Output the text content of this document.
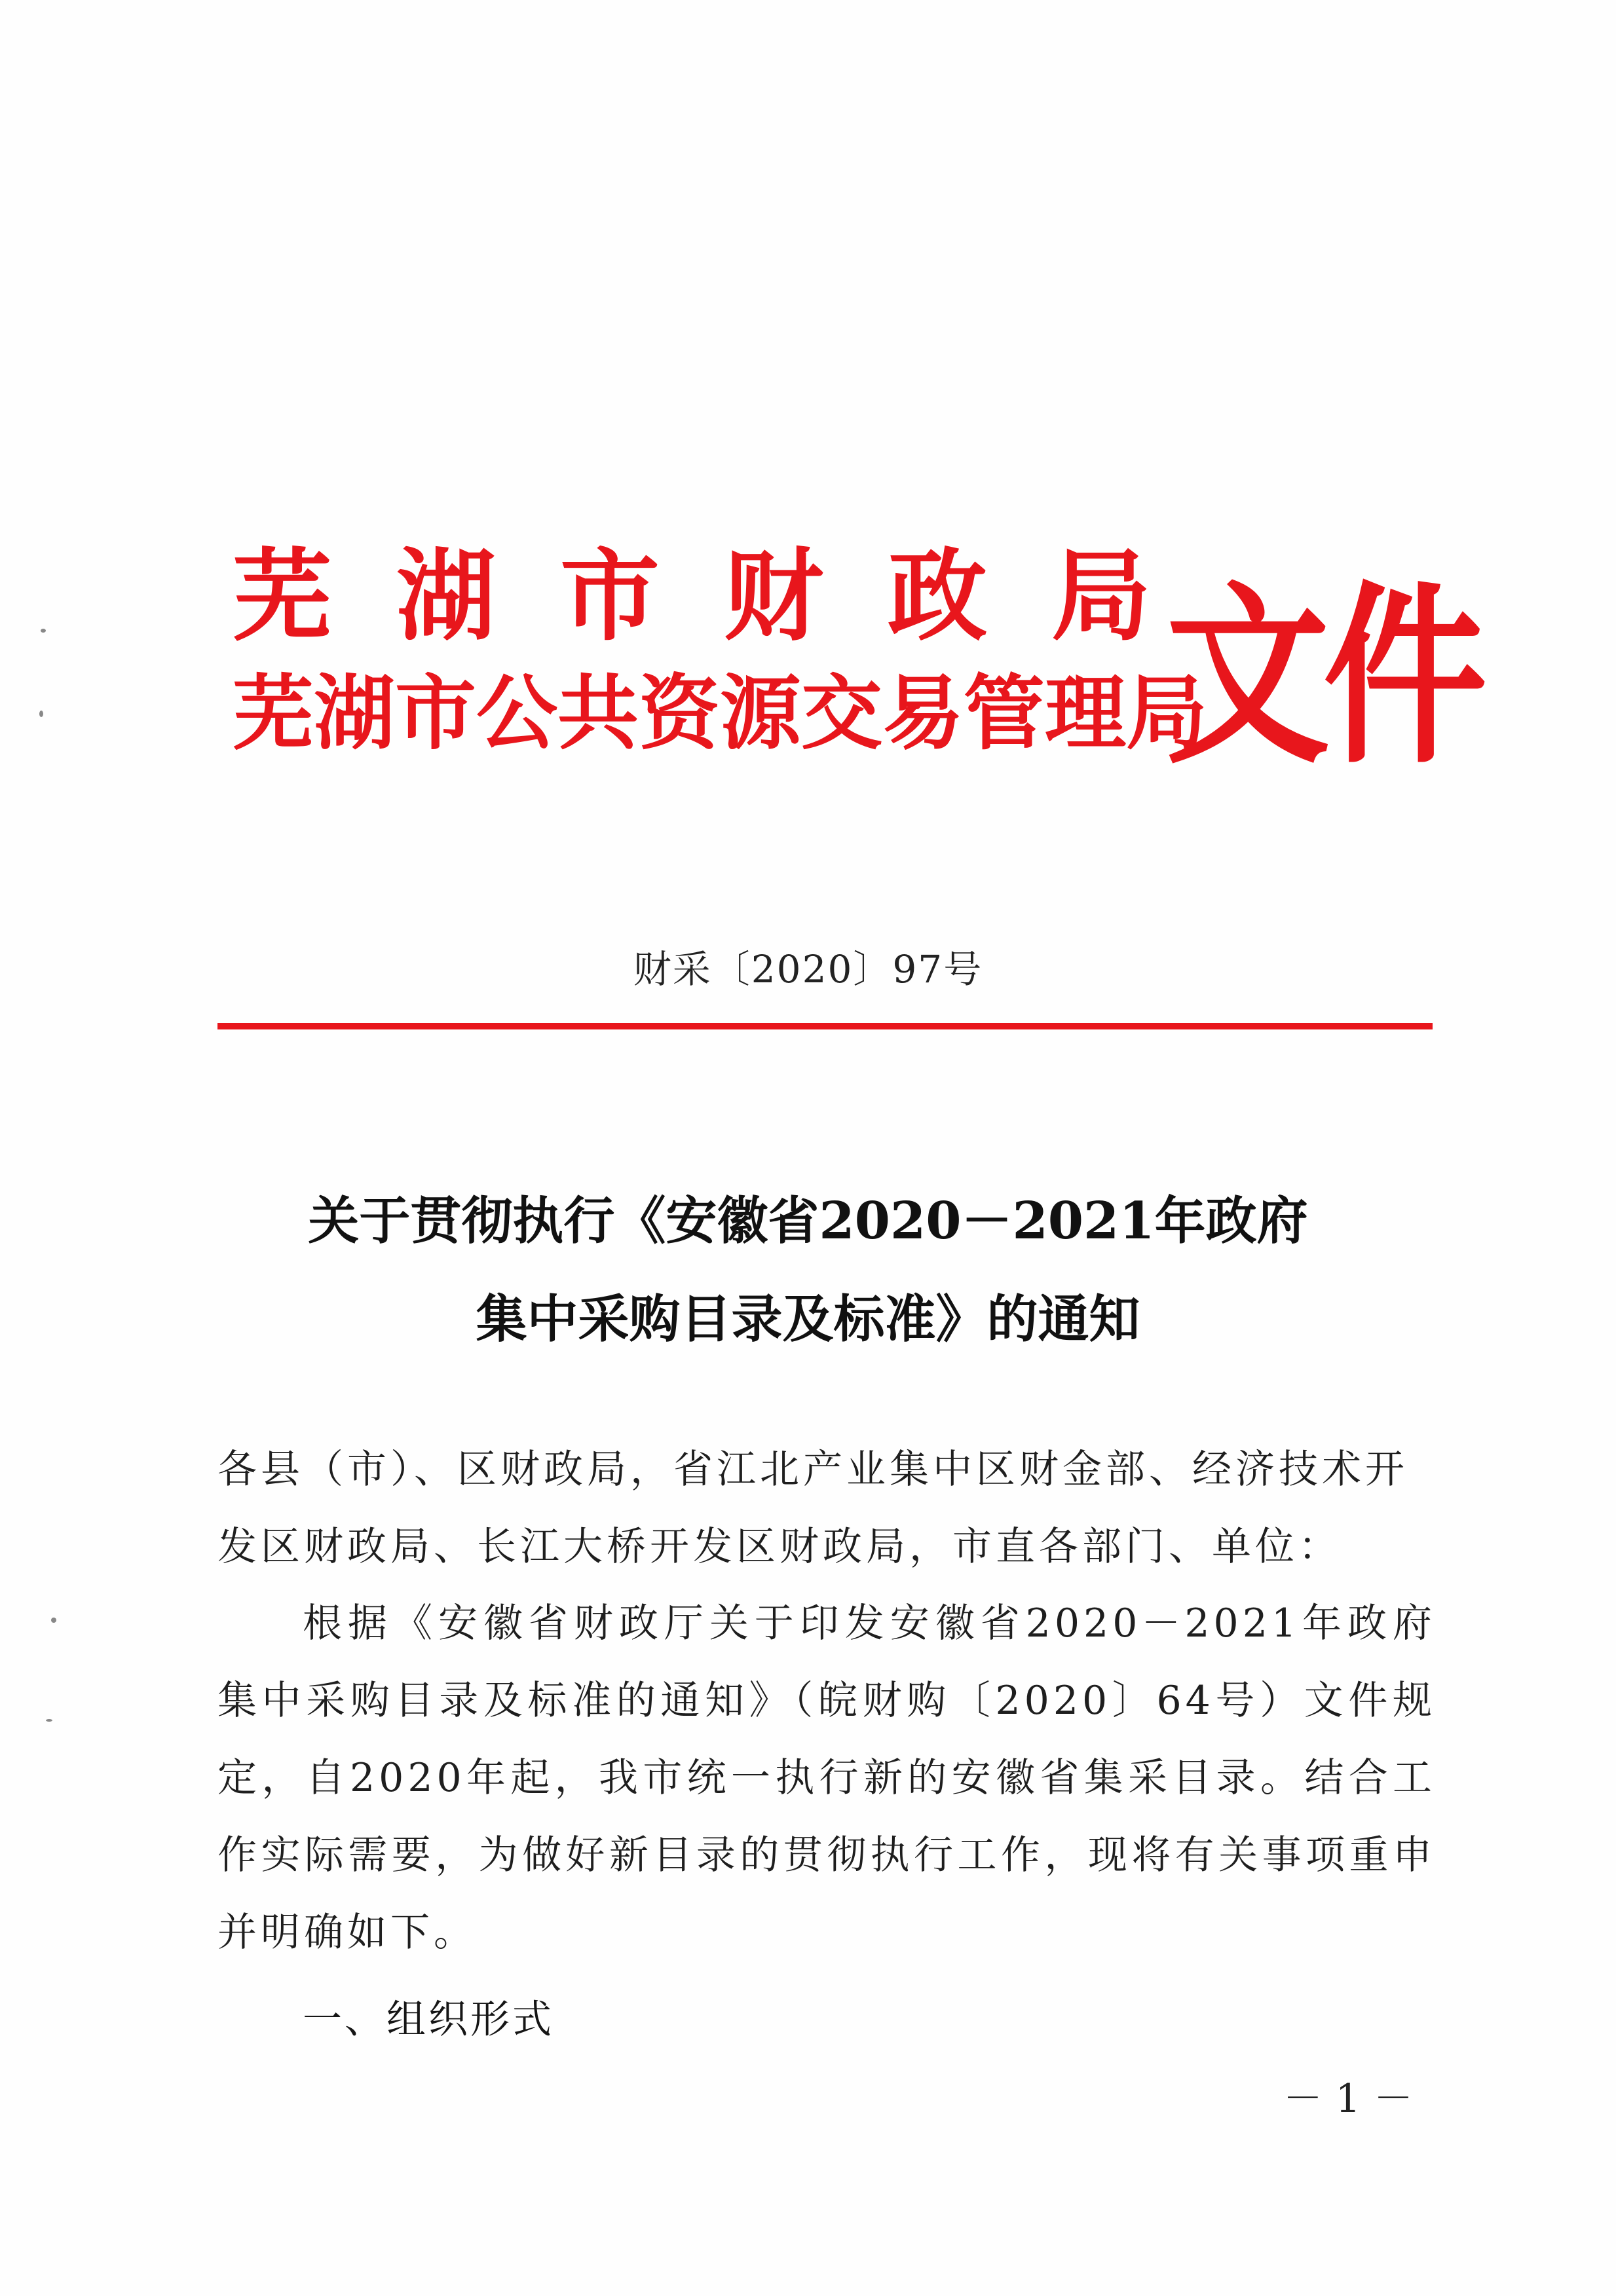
芜湖市财政局
芜湖市公共资源交易管理局
文件
财采〔2020〕97号
关于贯彻执行《安徽省2020－2021年政府
集中采购目录及标准》的通知
各县（市）、区财政局，省江北产业集中区财金部、经济技术开发区财政局、长江大桥开发区财政局，市直各部门、单位：
根据《安徽省财政厅关于印发安徽省2020－2021年政府集中采购目录及标准的通知》（皖财购〔2020〕64号）文件规定，自2020年起，我市统一执行新的安徽省集采目录。结合工作实际需要，为做好新目录的贯彻执行工作，现将有关事项重申并明确如下。
一、组织形式
－1－
